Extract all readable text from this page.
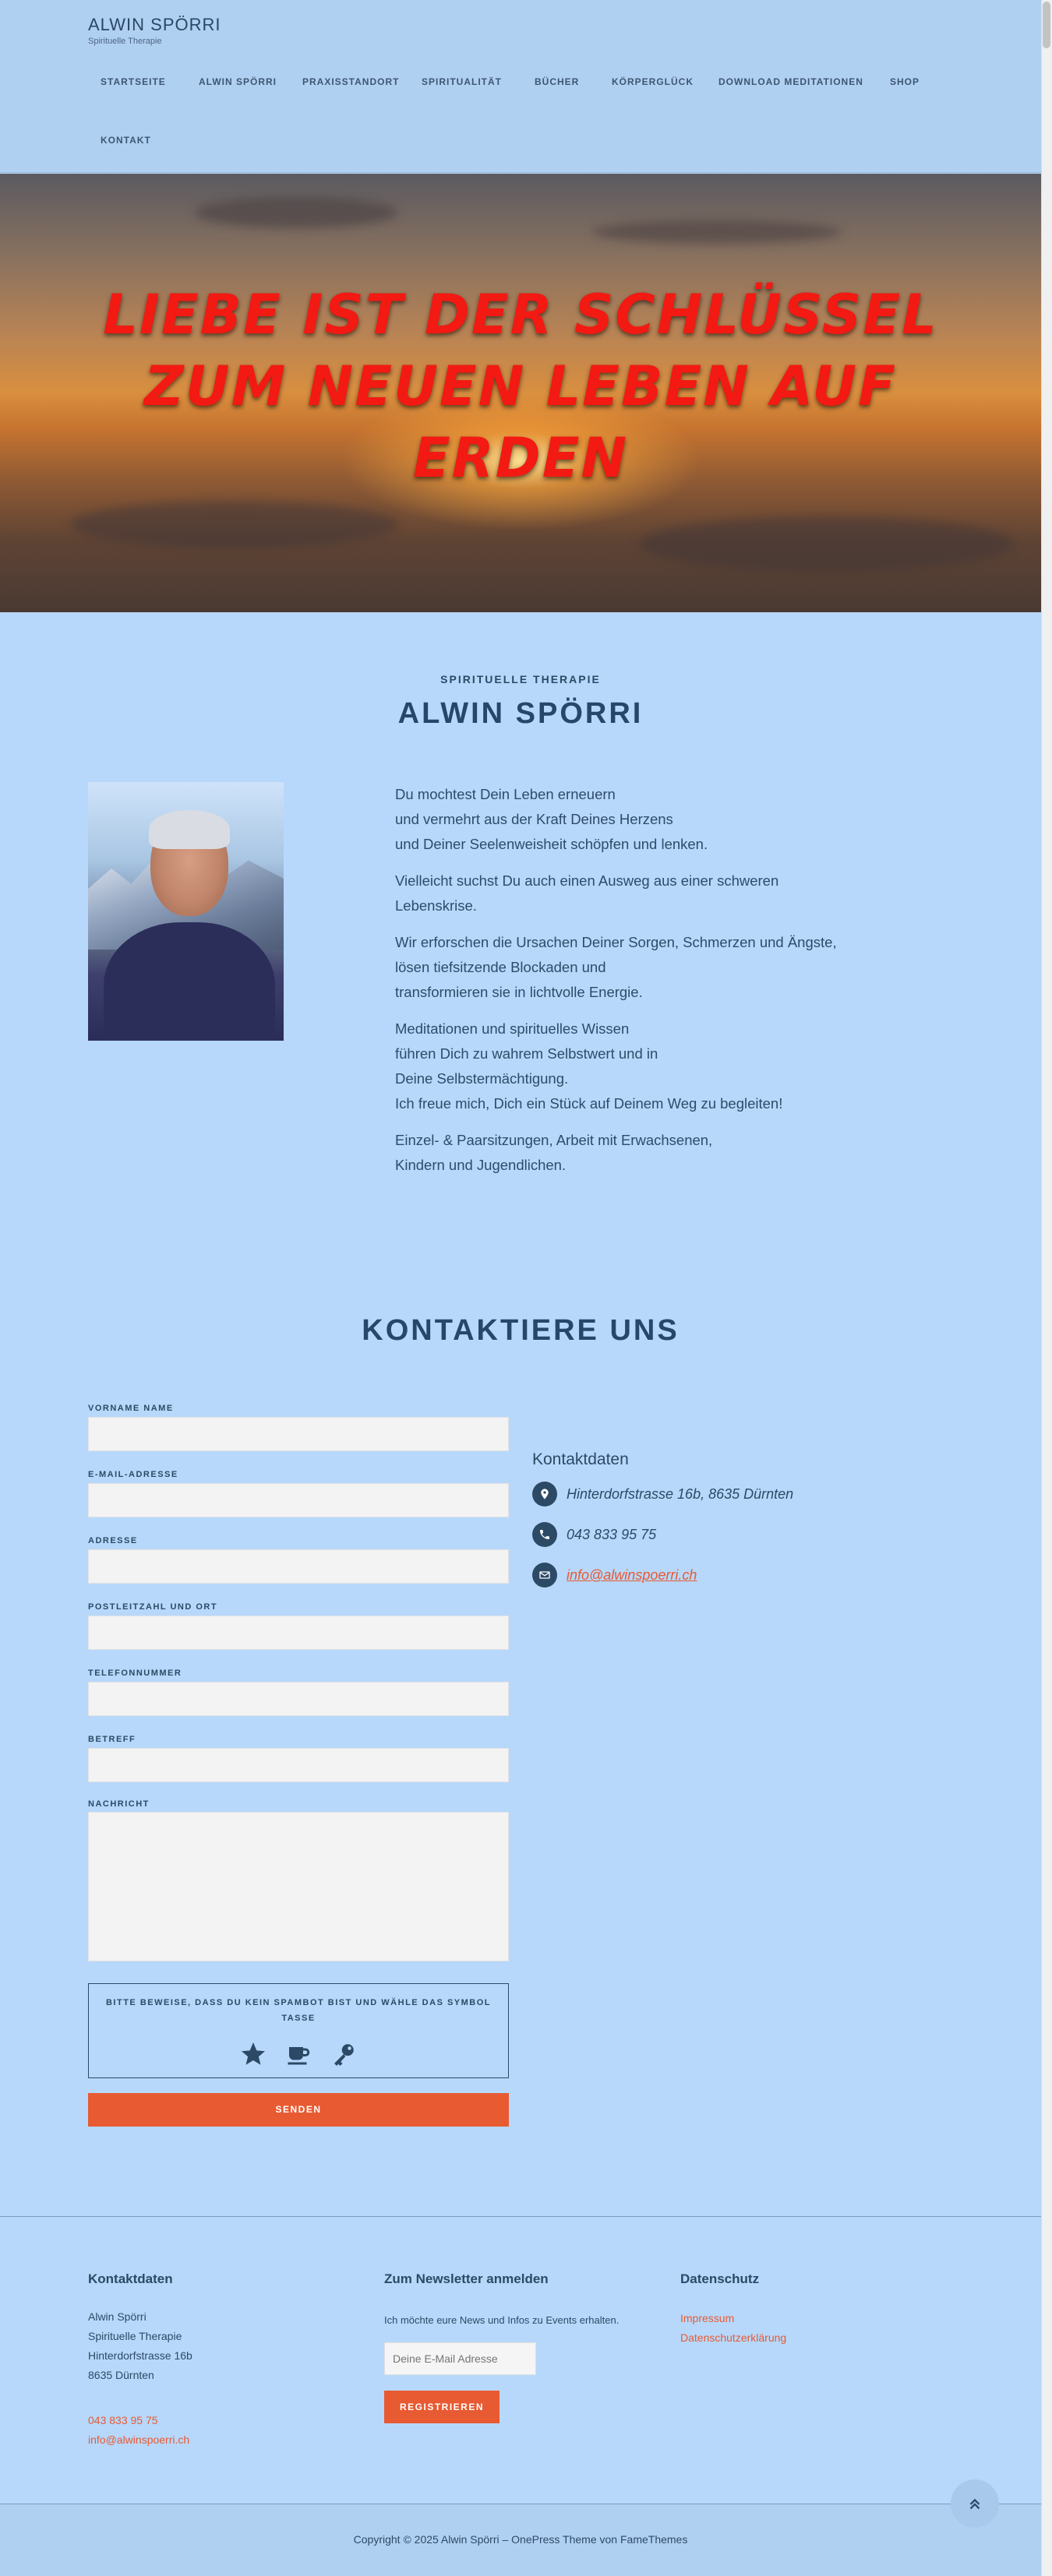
ALWIN SPÖRRI
Spirituelle Therapie
STARTSEITE	ALWIN SPÖRRI	PRAXISSTANDORT	SPIRITUALITÄT	BÜCHER	KÖRPERGLÜCK	DOWNLOAD MEDITATIONEN	SHOP
KONTAKT
LIEBE IST DER SCHLÜSSEL
ZUM NEUEN LEBEN AUF
ERDEN
SPIRITUELLE THERAPIE
ALWIN SPÖRRI

Du mochtest Dein Leben erneuern
und vermehrt aus der Kraft Deines Herzens
und Deiner Seelenweisheit schöpfen und lenken.

Vielleicht suchst Du auch einen Ausweg aus einer schweren
Lebenskrise.

Wir erforschen die Ursachen Deiner Sorgen, Schmerzen und Ängste,
lösen tiefsitzende Blockaden und
transformieren sie in lichtvolle Energie.

Meditationen und spirituelles Wissen
führen Dich zu wahrem Selbstwert und in
Deine Selbstermächtigung.
Ich freue mich, Dich ein Stück auf Deinem Weg zu begleiten!

Einzel- & Paarsitzungen, Arbeit mit Erwachsenen,
Kindern und Jugendlichen.

KONTAKTIERE UNS
VORNAME NAME
E-MAIL-ADRESSE
ADRESSE
POSTLEITZAHL UND ORT
TELEFONNUMMER
BETREFF
NACHRICHT
BITTE BEWEISE, DASS DU KEIN SPAMBOT BIST UND WÄHLE DAS SYMBOL TASSE
SENDEN
Kontaktdaten
Hinterdorfstrasse 16b, 8635 Dürnten
043 833 95 75
info@alwinspoerri.ch
Kontaktdaten
Alwin Spörri
Spirituelle Therapie
Hinterdorfstrasse 16b
8635 Dürnten
043 833 95 75
info@alwinspoerri.ch
Zum Newsletter anmelden
Ich möchte eure News und Infos zu Events erhalten.
Deine E-Mail Adresse
REGISTRIEREN
Datenschutz
Impressum
Datenschutzerklärung
Copyright © 2025 Alwin Spörri – OnePress Theme von FameThemes
